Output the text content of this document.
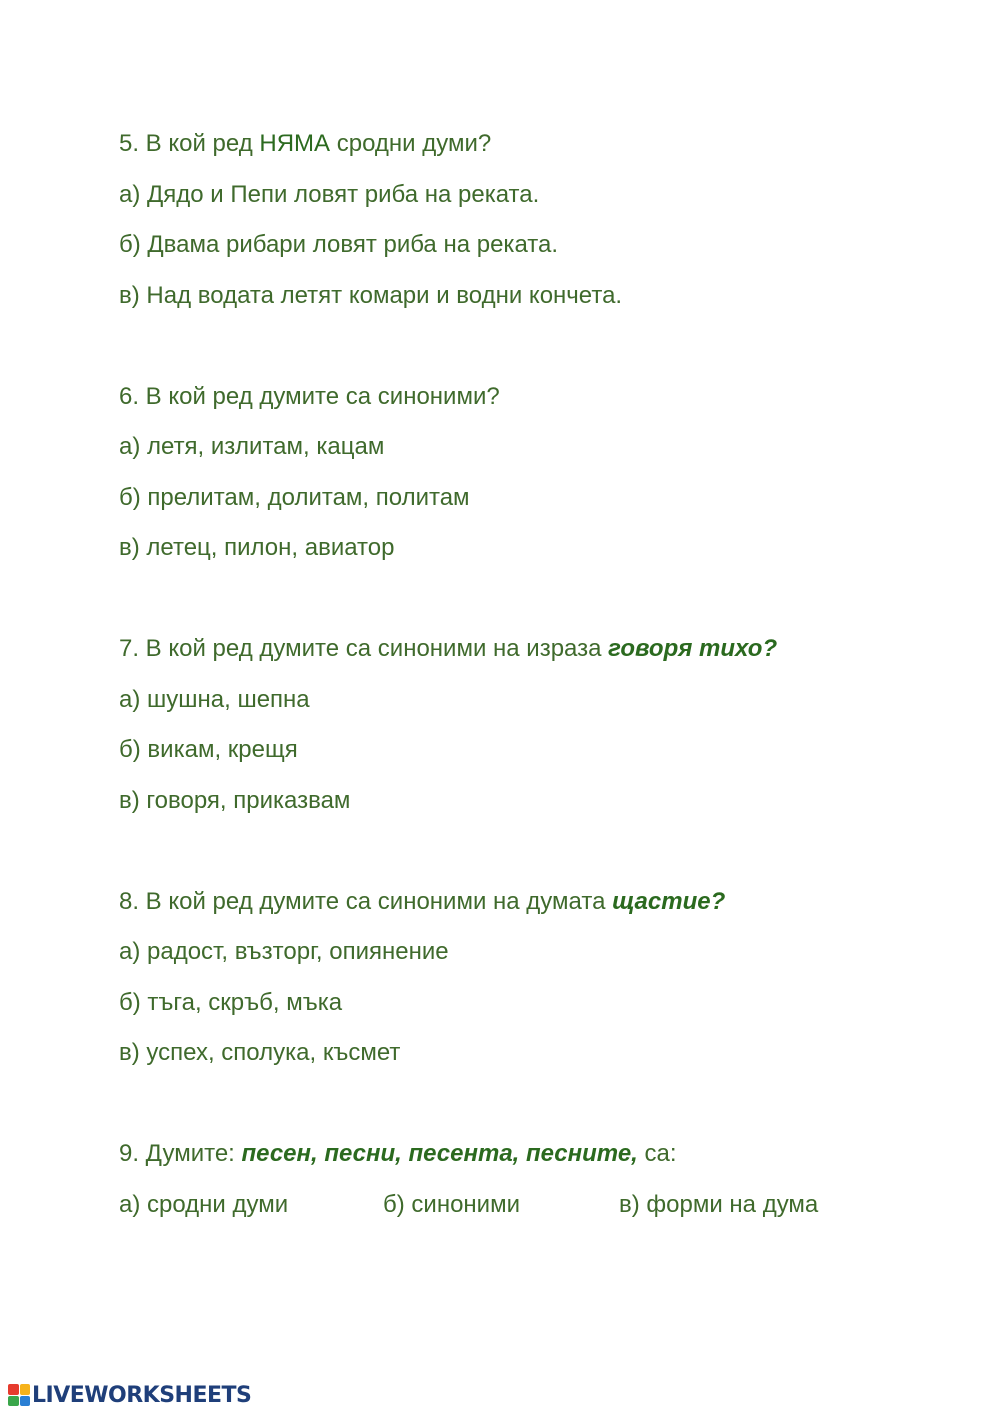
5. В кой ред НЯМА сродни думи?
а) Дядо и Пепи ловят риба на реката.
б) Двама рибари ловят риба на реката.
в) Над водата летят комари и водни кончета.
6. В кой ред думите са синоними?
а) летя, излитам, кацам
б) прелитам, долитам, политам
в) летец, пилон, авиатор
7. В кой ред думите са синоними на израза говоря тихо?
а) шушна, шепна
б) викам, крещя
в) говоря, приказвам
8. В кой ред думите са синоними на думата щастие?
а) радост, възторг, опиянение
б) тъга, скръб, мъка
в) успех, сполука, късмет
9. Думите: песен, песни, песента, песните, са:
а) сродни думи	б) синоними	в) форми на дума
LIVEWORKSHEETS
